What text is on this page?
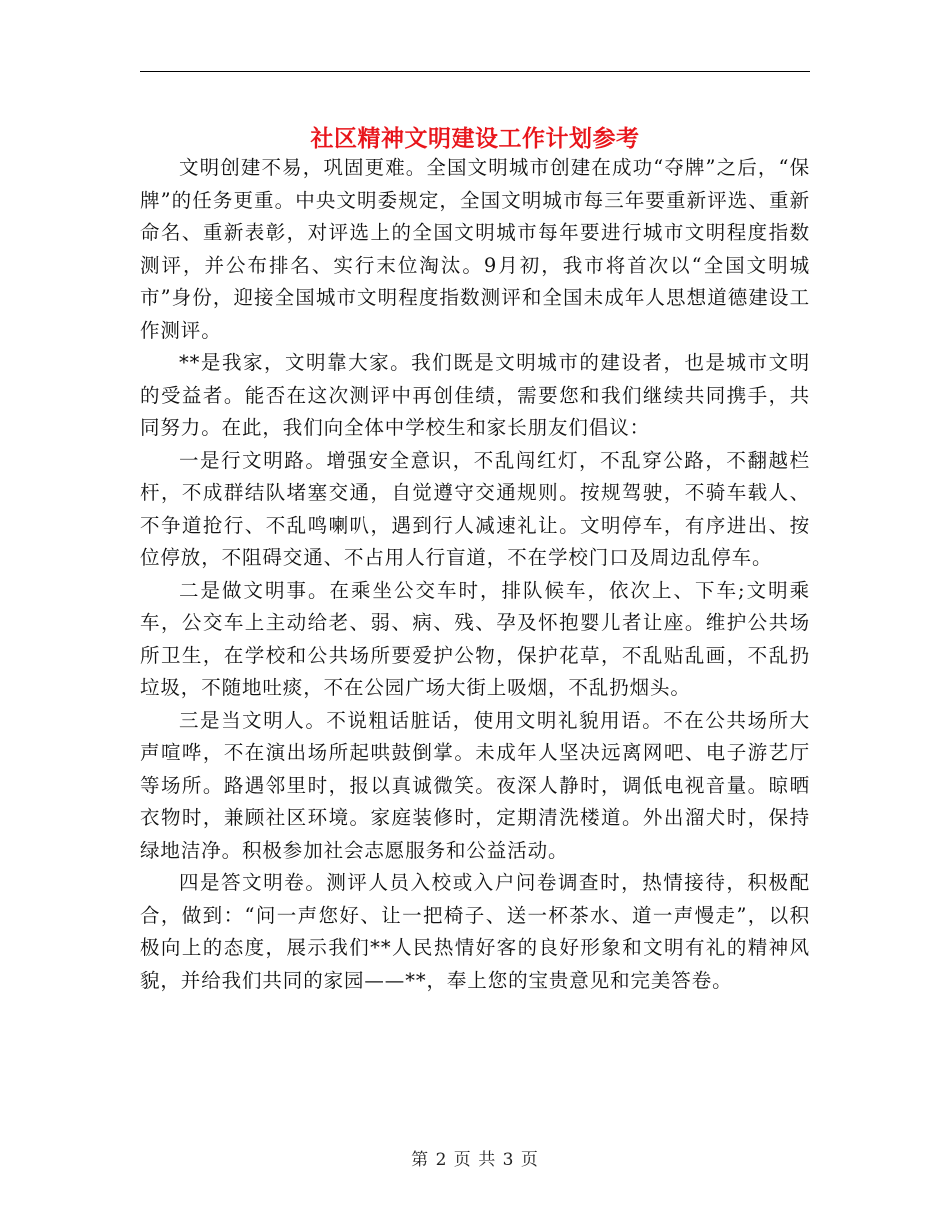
社区精神文明建设工作计划参考

文明创建不易，巩固更难。全国文明城市创建在成功“夺牌”之后，“保牌”的任务更重。中央文明委规定，全国文明城市每三年要重新评选、重新命名、重新表彰，对评选上的全国文明城市每年要进行城市文明程度指数测评，并公布排名、实行末位淘汰。9月初，我市将首次以“全国文明城市”身份，迎接全国城市文明程度指数测评和全国未成年人思想道德建设工作测评。

**是我家，文明靠大家。我们既是文明城市的建设者，也是城市文明的受益者。能否在这次测评中再创佳绩，需要您和我们继续共同携手，共同努力。在此，我们向全体中学校生和家长朋友们倡议：

一是行文明路。增强安全意识，不乱闯红灯，不乱穿公路，不翻越栏杆，不成群结队堵塞交通，自觉遵守交通规则。按规驾驶，不骑车载人、不争道抢行、不乱鸣喇叭，遇到行人减速礼让。文明停车，有序进出、按位停放，不阻碍交通、不占用人行盲道，不在学校门口及周边乱停车。

二是做文明事。在乘坐公交车时，排队候车，依次上、下车;文明乘车，公交车上主动给老、弱、病、残、孕及怀抱婴儿者让座。维护公共场所卫生，在学校和公共场所要爱护公物，保护花草，不乱贴乱画，不乱扔垃圾，不随地吐痰，不在公园广场大街上吸烟，不乱扔烟头。

三是当文明人。不说粗话脏话，使用文明礼貌用语。不在公共场所大声喧哗，不在演出场所起哄鼓倒掌。未成年人坚决远离网吧、电子游艺厅等场所。路遇邻里时，报以真诚微笑。夜深人静时，调低电视音量。晾晒衣物时，兼顾社区环境。家庭装修时，定期清洗楼道。外出溜犬时，保持绿地洁净。积极参加社会志愿服务和公益活动。

四是答文明卷。测评人员入校或入户问卷调查时，热情接待，积极配合，做到：“问一声您好、让一把椅子、送一杯茶水、道一声慢走”，以积极向上的态度，展示我们**人民热情好客的良好形象和文明有礼的精神风貌，并给我们共同的家园——**，奉上您的宝贵意见和完美答卷。

第 2 页 共 3 页
